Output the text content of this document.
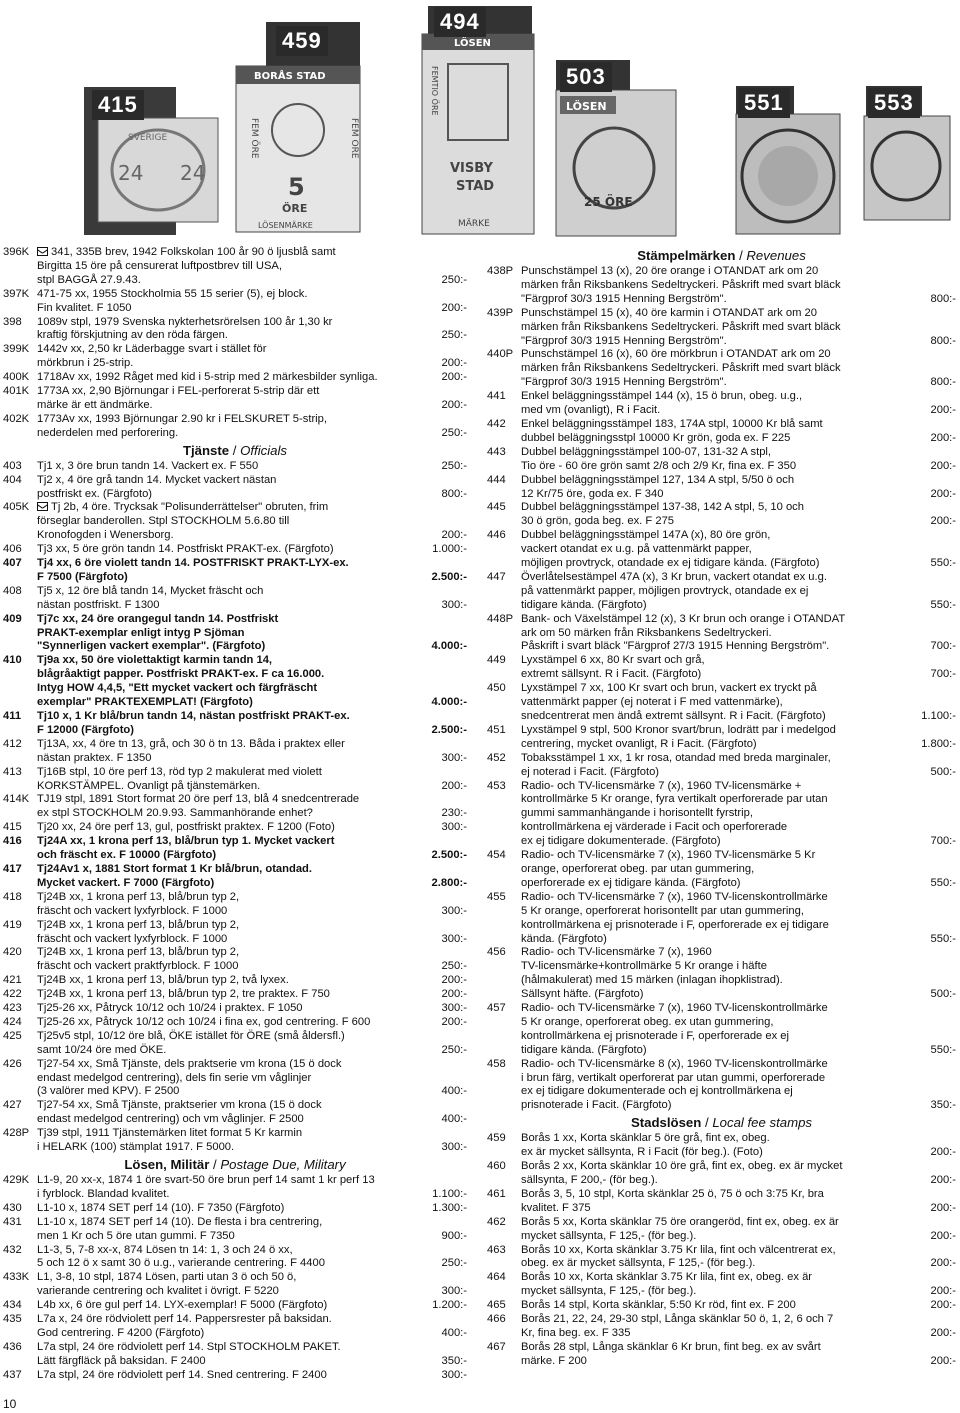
24 24
SVERIGE
BORÅS STAD
FEM ÖRE	FEM ÖRE
5
ÖRE
LÖSENMÄRKE
LÖSEN
VISBY
STAD
FEMTIO ÖRE
MÄRKE
LÖSEN
25 ÖRE
415
459
494
503
551	553
396K	341, 335B brev, 1942 Folkskolan 100 år 90 ö ljusblå samt
Birgitta 15 öre på censurerat luftpostbrev till USA,
stpl BAGGÅ 27.9.43.	250:-
397K 471-75 xx, 1955 Stockholmia 55 15 serier (5), ej block.
Fin kvalitet. F 1050	200:-
398 1089v stpl, 1979 Svenska nykterhetsrörelsen 100 år 1,30 kr
kraftig förskjutning av den röda färgen.	250:-
399K 1442v xx, 2,50 kr Läderbagge svart i stället för
mörkbrun i 25-strip.	200:-
400K 1718Av xx, 1992 Råget med kid i 5-strip med 2 märkesbilder synliga.	200:-
401K 1773A xx, 2,90 Björnungar i FEL-perforerat 5-strip där ett
märke är ett ändmärke.	200:-
402K 1773Av xx, 1993 Björnungar 2.90 kr i FELSKURET 5-strip,
nederdelen med perforering.	250:-
Tjänste / Officials
403 Tj1 x, 3 öre brun tandn 14. Vackert ex. F 550	250:-
404 Tj2 x, 4 öre grå tandn 14. Mycket vackert nästan
postfriskt ex. (Färgfoto)	800:-
405K	Tj 2b, 4 öre. Trycksak "Polisunderrättelser" obruten, frim
förseglar banderollen. Stpl STOCKHOLM 5.6.80 till
Kronofogden i Wenersborg.	200:-
406 Tj3 xx, 5 öre grön tandn 14. Postfriskt PRAKT-ex. (Färgfoto)	1.000:-
407 Tj4 xx, 6 öre violett tandn 14. POSTFRISKT PRAKT-LYX-ex.
F 7500 (Färgfoto)	2.500:-
408 Tj5 x, 12 öre blå tandn 14, Mycket fräscht och
nästan postfriskt. F 1300	300:-
409 Tj7c xx, 24 öre orangegul tandn 14. Postfriskt
PRAKT-exemplar enligt intyg P Sjöman
"Synnerligen vackert exemplar". (Färgfoto)	4.000:-
410 Tj9a xx, 50 öre violettaktigt karmin tandn 14,
blågråaktigt papper. Postfriskt PRAKT-ex. F ca 16.000.
Intyg HOW 4,4,5, "Ett mycket vackert och färgfräscht
exemplar" PRAKTEXEMPLAT! (Färgfoto)	4.000:-
411 Tj10 x, 1 Kr blå/brun tandn 14, nästan postfriskt PRAKT-ex.
F 12000 (Färgfoto)	2.500:-
412 Tj13A, xx, 4 öre tn 13, grå, och 30 ö tn 13. Båda i praktex eller
nästan praktex. F 1350	300:-
413 Tj16B stpl, 10 öre perf 13, röd typ 2 makulerat med violett
KORKSTÄMPEL. Ovanligt på tjänstemärken.	200:-
414K TJ19 stpl, 1891 Stort format 20 öre perf 13, blå 4 snedcentrerade
ex stpl STOCKHOLM 20.9.93. Sammanhörande enhet?	230:-
415 Tj20 xx, 24 öre perf 13, gul, postfriskt praktex. F 1200 (Foto)	300:-
416 Tj24A xx, 1 krona perf 13, blå/brun typ 1. Mycket vackert
och fräscht ex. F 10000 (Färgfoto)	2.500:-
417 Tj24Av1 x, 1881 Stort format 1 Kr blå/brun, otandad.
Mycket vackert. F 7000 (Färgfoto)	2.800:-
418 Tj24B xx, 1 krona perf 13, blå/brun typ 2,
fräscht och vackert lyxfyrblock. F 1000	300:-
419 Tj24B xx, 1 krona perf 13, blå/brun typ 2,
fräscht och vackert lyxfyrblock. F 1000	300:-
420 Tj24B xx, 1 krona perf 13, blå/brun typ 2,
fräscht och vackert praktfyrblock. F 1000	250:-
421 Tj24B xx, 1 krona perf 13, blå/brun typ 2, två lyxex.	200:-
422 Tj24B xx, 1 krona perf 13, blå/brun typ 2, tre praktex. F 750	200:-
423 Tj25-26 xx, Påtryck 10/12 och 10/24 i praktex. F 1050	300:-
424 Tj25-26 xx, Påtryck 10/12 och 10/24 i fina ex, god centrering. F 600	200:-
425 Tj25v5 stpl, 10/12 öre blå, ÖKE istället för ÖRE (små åldersfl.)
samt 10/24 öre med ÖKE.	250:-
426 Tj27-54 xx, Små Tjänste, dels praktserie vm krona (15 ö dock
endast medelgod centrering), dels fin serie vm våglinjer
(3 valörer med KPV). F 2500	400:-
427 Tj27-54 xx, Små Tjänste, praktserier vm krona (15 ö dock
endast medelgod centrering) och vm våglinjer. F 2500	400:-
428P Tj39 stpl, 1911 Tjänstemärken litet format 5 Kr karmin
i HELARK (100) stämplat 1917. F 5000.	300:-
Lösen, Militär / Postage Due, Military
429K L1-9, 20 xx-x, 1874 1 öre svart-50 öre brun perf 14 samt 1 kr perf 13
i fyrblock. Blandad kvalitet.	1.100:-
430 L1-10 x, 1874 SET perf 14 (10). F 7350 (Färgfoto)	1.300:-
431 L1-10 x, 1874 SET perf 14 (10). De flesta i bra centrering,
men 1 Kr och 5 öre utan gummi. F 7350	900:-
432 L1-3, 5, 7-8 xx-x, 874 Lösen tn 14: 1, 3 och 24 ö xx,
5 och 12 ö x samt 30 ö u.g., varierande centrering. F 4400	250:-
433K L1, 3-8, 10 stpl, 1874 Lösen, parti utan 3 ö och 50 ö,
varierande centrering och kvalitet i övrigt. F 5220	300:-
434 L4b xx, 6 öre gul perf 14. LYX-exemplar! F 5000 (Färgfoto)	1.200:-
435 L7a x, 24 öre rödviolett perf 14. Pappersrester på baksidan.
God centrering. F 4200 (Färgfoto)	400:-
436 L7a stpl, 24 öre rödviolett perf 14. Stpl STOCKHOLM PAKET.
Lätt färgfläck på baksidan. F 2400	350:-
437 L7a stpl, 24 öre rödviolett perf 14. Sned centrering. F 2400	300:-
Stämpelmärken / Revenues
438P Punschstämpel 13 (x), 20 öre orange i OTANDAT ark om 20
märken från Riksbankens Sedeltryckeri. Påskrift med svart bläck
"Färgprof 30/3 1915 Henning Bergström".	800:-
439P Punschstämpel 15 (x), 40 öre karmin i OTANDAT ark om 20
märken från Riksbankens Sedeltryckeri. Påskrift med svart bläck
"Färgprof 30/3 1915 Henning Bergström".	800:-
440P Punschstämpel 16 (x), 60 öre mörkbrun i OTANDAT ark om 20
märken från Riksbankens Sedeltryckeri. Påskrift med svart bläck
"Färgprof 30/3 1915 Henning Bergström".	800:-
441 Enkel beläggningsstämpel 144 (x), 15 ö brun, obeg. u.g.,
med vm (ovanligt), R i Facit.	200:-
442 Enkel beläggningsstämpel 183, 174A stpl, 10000 Kr blå samt
dubbel beläggningsstpl 10000 Kr grön, goda ex. F 225	200:-
443 Dubbel beläggningsstämpel 100-07, 131-32 A stpl,
Tio öre - 60 öre grön samt 2/8 och 2/9 Kr, fina ex. F 350	200:-
444 Dubbel beläggningsstämpel 127, 134 A stpl, 5/50 ö och
12 Kr/75 öre, goda ex. F 340	200:-
445 Dubbel beläggningsstämpel 137-38, 142 A stpl, 5, 10 och
30 ö grön, goda beg. ex. F 275	200:-
446 Dubbel beläggningsstämpel 147A (x), 80 öre grön,
vackert otandat ex u.g. på vattenmärkt papper,
möjligen provtryck, otandade ex ej tidigare kända. (Färgfoto)	550:-
447 Överlåtelsestämpel 47A (x), 3 Kr brun, vackert otandat ex u.g.
på vattenmärkt papper, möjligen provtryck, otandade ex ej
tidigare kända. (Färgfoto)	550:-
448P Bank- och Växelstämpel 12 (x), 3 Kr brun och orange i OTANDAT
ark om 50 märken från Riksbankens Sedeltryckeri.
Påskrift i svart bläck "Färgprof 27/3 1915 Henning Bergström".	700:-
449 Lyxstämpel 6 xx, 80 Kr svart och grå,
extremt sällsynt. R i Facit. (Färgfoto)	700:-
450 Lyxstämpel 7 xx, 100 Kr svart och brun, vackert ex tryckt på
vattenmärkt papper (ej noterat i F med vattenmärke),
snedcentrerat men ändå extremt sällsynt. R i Facit. (Färgfoto)	1.100:-
451 Lyxstämpel 9 stpl, 500 Kronor svart/brun, lodrätt par i medelgod
centrering, mycket ovanligt, R i Facit. (Färgfoto)	1.800:-
452 Tobaksstämpel 1 xx, 1 kr rosa, otandad med breda marginaler,
ej noterad i Facit. (Färgfoto)	500:-
453 Radio- och TV-licensmärke 7 (x), 1960 TV-licensmärke +
kontrollmärke 5 Kr orange, fyra vertikalt operforerade par utan
gummi sammanhängande i horisontellt fyrstrip,
kontrollmärkena ej värderade i Facit och operforerade
ex ej tidigare dokumenterade. (Färgfoto)	700:-
454 Radio- och TV-licensmärke 7 (x), 1960 TV-licensmärke 5 Kr
orange, operforerat obeg. par utan gummering,
operforerade ex ej tidigare kända. (Färgfoto)	550:-
455 Radio- och TV-licensmärke 7 (x), 1960 TV-licenskontrollmärke
5 Kr orange, operforerat horisontellt par utan gummering,
kontrollmärkena ej prisnoterade i F, operforerade ex ej tidigare
kända. (Färgfoto)	550:-
456 Radio- och TV-licensmärke 7 (x), 1960
TV-licensmärke+kontrollmärke 5 Kr orange i häfte
(hålmakulerat) med 15 märken (inlagan ihopklistrad).
Sällsynt häfte. (Färgfoto)	500:-
457 Radio- och TV-licensmärke 7 (x), 1960 TV-licenskontrollmärke
5 Kr orange, operforerat obeg. ex utan gummering,
kontrollmärkena ej prisnoterade i F, operforerade ex ej
tidigare kända. (Färgfoto)	550:-
458 Radio- och TV-licensmärke 8 (x), 1960 TV-licenskontrollmärke
i brun färg, vertikalt operforerat par utan gummi, operforerade
ex ej tidigare dokumenterade och ej kontrollmärkena ej
prisnoterade i Facit. (Färgfoto)	350:-
Stadslösen / Local fee stamps
459 Borås 1 xx, Korta skänklar 5 öre grå, fint ex, obeg.
ex är mycket sällsynta, R i Facit (för beg.). (Foto)	200:-
460 Borås 2 xx, Korta skänklar 10 öre grå, fint ex, obeg. ex är mycket
sällsynta, F 200,- (för beg.).	200:-
461 Borås 3, 5, 10 stpl, Korta skänklar 25 ö, 75 ö och 3:75 Kr, bra
kvalitet. F 375	200:-
462 Borås 5 xx, Korta skänklar 75 öre orangeröd, fint ex, obeg. ex är
mycket sällsynta, F 125,- (för beg.).	200:-
463 Borås 10 xx, Korta skänklar 3.75 Kr lila, fint och välcentrerat ex,
obeg. ex är mycket sällsynta, F 125,- (för beg.).	200:-
464 Borås 10 xx, Korta skänklar 3.75 Kr lila, fint ex, obeg. ex är
mycket sällsynta, F 125,- (för beg.).	200:-
465 Borås 14 stpl, Korta skänklar, 5:50 Kr röd, fint ex. F 200	200:-
466 Borås 21, 22, 24, 29-30 stpl, Långa skänklar 50 ö, 1, 2, 6 och 7
Kr, fina beg. ex. F 335	200:-
467 Borås 28 stpl, Långa skänklar 6 Kr brun, fint beg. ex av svårt
märke. F 200	200:-
10
